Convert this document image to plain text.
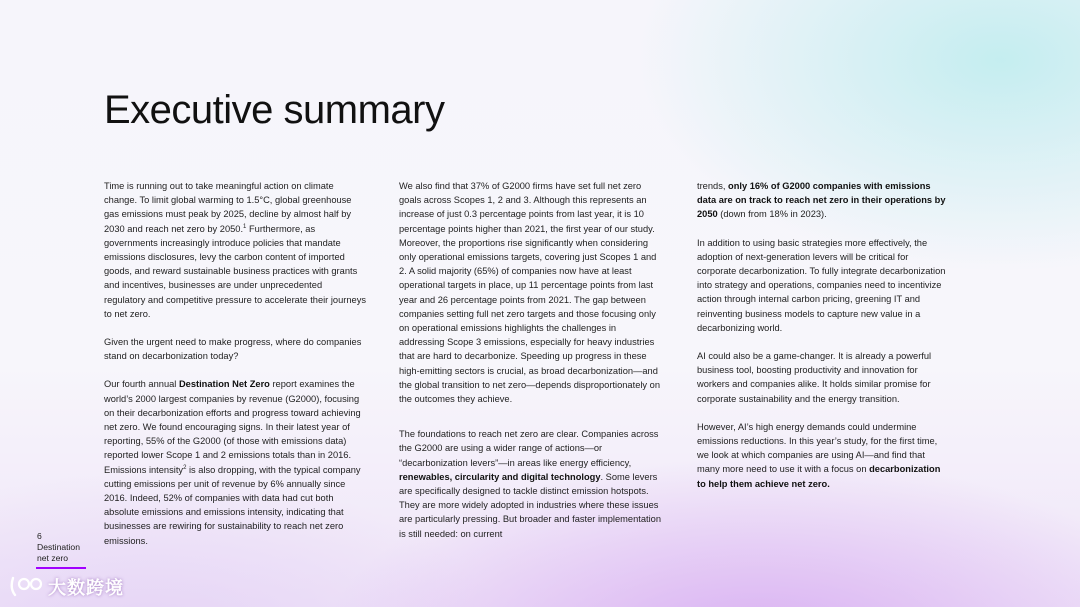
Executive summary

Time is running out to take meaningful action on climate change. To limit global warming to 1.5°C, global greenhouse gas emissions must peak by 2025, decline by almost half by 2030 and reach net zero by 2050.$^1$ Furthermore, as governments increasingly introduce policies that mandate emissions disclosures, levy the carbon content of imported goods, and reward sustainable business practices with grants and incentives, businesses are under unprecedented regulatory and competitive pressure to accelerate their journeys to net zero.

Given the urgent need to make progress, where do companies stand on decarbonization today?

Our fourth annual Destination Net Zero report examines the world’s 2000 largest companies by revenue (G2000), focusing on their decarbonization efforts and progress toward achieving net zero. We found encouraging signs. In their latest year of reporting, 55% of the G2000 (of those with emissions data) reported lower Scope 1 and 2 emissions totals than in 2016. Emissions intensity$^2$ is also dropping, with the typical company cutting emissions per unit of revenue by 6% annually since 2016. Indeed, 52% of companies with data had cut both absolute emissions and emissions intensity, indicating that businesses are rewiring for sustainability to reach net zero emissions.

We also find that 37% of G2000 firms have set full net zero goals across Scopes 1, 2 and 3. Although this represents an increase of just 0.3 percentage points from last year, it is 10 percentage points higher than 2021, the first year of our study. Moreover, the proportions rise significantly when considering only operational emissions targets, covering just Scopes 1 and 2. A solid majority (65%) of companies now have at least operational targets in place, up 11 percentage points from last year and 26 percentage points from 2021. The gap between companies setting full net zero targets and those focusing only on operational emissions highlights the challenges in addressing Scope 3 emissions, especially for heavy industries that are hard to decarbonize. Speeding up progress in these high-emitting sectors is crucial, as broad decarbonization—and the global transition to net zero—depends disproportionately on the outcomes they achieve.

The foundations to reach net zero are clear. Companies across the G2000 are using a wider range of actions—or “decarbonization levers”—in areas like energy efficiency, renewables, circularity and digital technology. Some levers are specifically designed to tackle distinct emission hotspots. They are more widely adopted in industries where these issues are particularly pressing. But broader and faster implementation is still needed: on current

trends, only 16% of G2000 companies with emissions data are on track to reach net zero in their operations by 2050 (down from 18% in 2023).

In addition to using basic strategies more effectively, the adoption of next-generation levers will be critical for corporate decarbonization. To fully integrate decarbonization into strategy and operations, companies need to incentivize action through internal carbon pricing, greening IT and reinventing business models to capture new value in a decarbonizing world.

AI could also be a game-changer. It is already a powerful business tool, boosting productivity and innovation for workers and companies alike. It holds similar promise for corporate sustainability and the energy transition.

However, AI’s high energy demands could undermine emissions reductions. In this year’s study, for the first time, we look at which companies are using AI—and find that many more need to use it with a focus on decarbonization to help them achieve net zero.

6
Destination
net zero
大数跨境
